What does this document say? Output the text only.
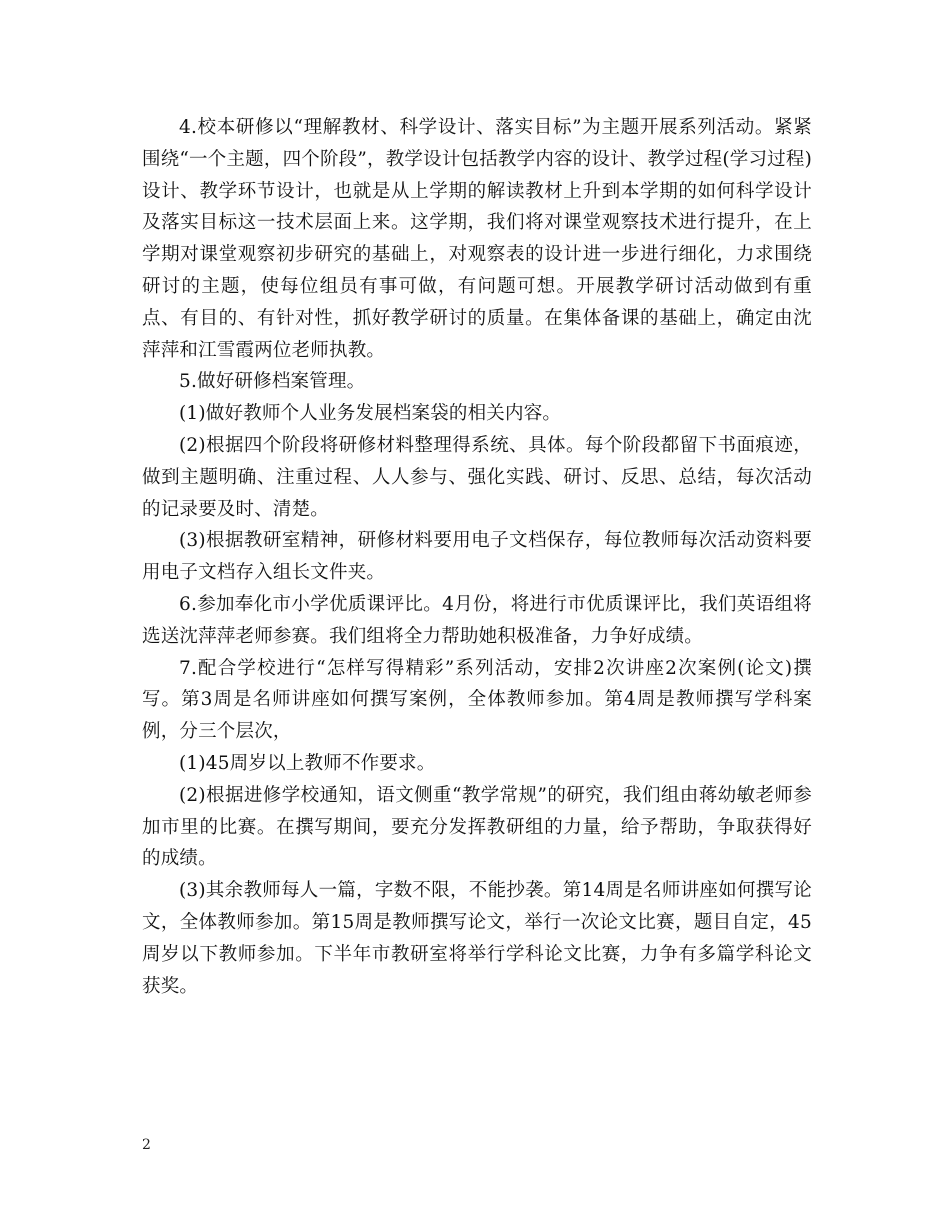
4.校本研修以“理解教材、科学设计、落实目标”为主题开展系列活动。紧紧围绕“一个主题，四个阶段”，教学设计包括教学内容的设计、教学过程(学习过程)设计、教学环节设计，也就是从上学期的解读教材上升到本学期的如何科学设计及落实目标这一技术层面上来。这学期，我们将对课堂观察技术进行提升，在上学期对课堂观察初步研究的基础上，对观察表的设计进一步进行细化，力求围绕研讨的主题，使每位组员有事可做，有问题可想。开展教学研讨活动做到有重点、有目的、有针对性，抓好教学研讨的质量。在集体备课的基础上，确定由沈萍萍和江雪霞两位老师执教。

5.做好研修档案管理。

(1)做好教师个人业务发展档案袋的相关内容。

(2)根据四个阶段将研修材料整理得系统、具体。每个阶段都留下书面痕迹，做到主题明确、注重过程、人人参与、强化实践、研讨、反思、总结，每次活动的记录要及时、清楚。

(3)根据教研室精神，研修材料要用电子文档保存，每位教师每次活动资料要用电子文档存入组长文件夹。

6.参加奉化市小学优质课评比。4月份，将进行市优质课评比，我们英语组将选送沈萍萍老师参赛。我们组将全力帮助她积极准备，力争好成绩。

7.配合学校进行“怎样写得精彩”系列活动，安排2次讲座2次案例(论文)撰写。第3周是名师讲座如何撰写案例，全体教师参加。第4周是教师撰写学科案例，分三个层次，

(1)45周岁以上教师不作要求。

(2)根据进修学校通知，语文侧重“教学常规”的研究，我们组由蒋幼敏老师参加市里的比赛。在撰写期间，要充分发挥教研组的力量，给予帮助，争取获得好的成绩。

(3)其余教师每人一篇，字数不限，不能抄袭。第14周是名师讲座如何撰写论文，全体教师参加。第15周是教师撰写论文，举行一次论文比赛，题目自定，45周岁以下教师参加。下半年市教研室将举行学科论文比赛，力争有多篇学科论文获奖。

2
